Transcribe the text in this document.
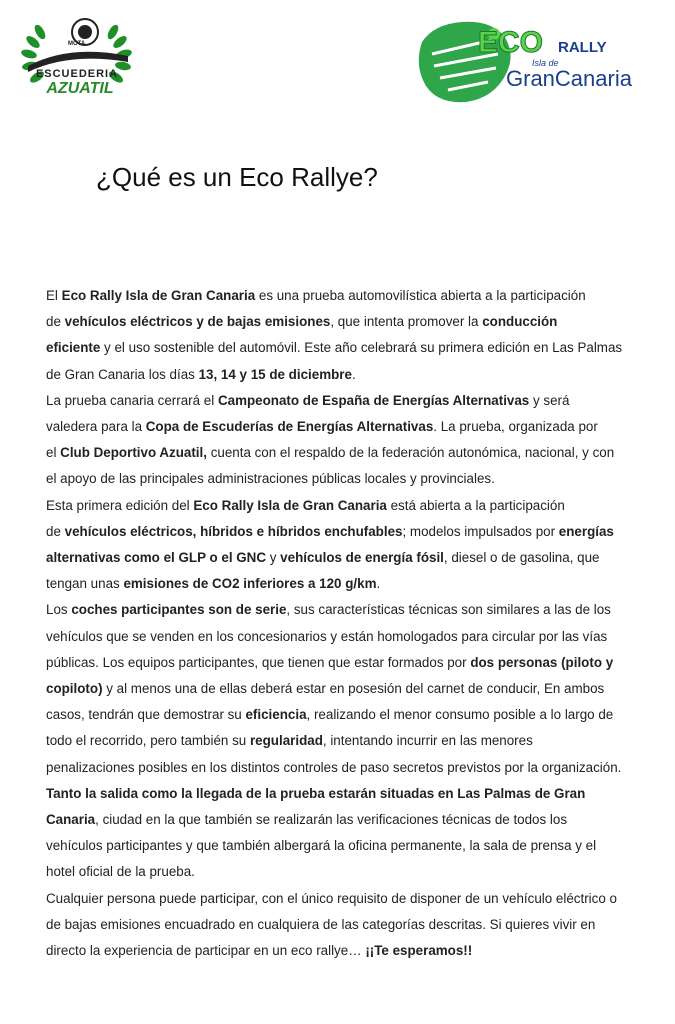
ESCUEDERIA
AZUATIL
MOTA	ECO RALLY
Isla de
GranCanaria
¿Qué es un Eco Rallye?
El Eco Rally Isla de Gran Canaria es una prueba automovilística abierta a la participación
de vehículos eléctricos y de bajas emisiones, que intenta promover la conducción
eficiente y el uso sostenible del automóvil. Este año celebrará su primera edición en Las Palmas
de Gran Canaria los días 13, 14 y 15 de diciembre.
La prueba canaria cerrará el Campeonato de España de Energías Alternativas y será
valedera para la Copa de Escuderías de Energías Alternativas. La prueba, organizada por
el Club Deportivo Azuatil, cuenta con el respaldo de la federación autonómica, nacional, y con
el apoyo de las principales administraciones públicas locales y provinciales.
Esta primera edición del Eco Rally Isla de Gran Canaria está abierta a la participación
de vehículos eléctricos, híbridos e híbridos enchufables; modelos impulsados por energías
alternativas como el GLP o el GNC y vehículos de energía fósil, diesel o de gasolina, que
tengan unas emisiones de CO2 inferiores a 120 g/km.
Los coches participantes son de serie, sus características técnicas son similares a las de los
vehículos que se venden en los concesionarios y están homologados para circular por las vías
públicas. Los equipos participantes, que tienen que estar formados por dos personas (piloto y
copiloto) y al menos una de ellas deberá estar en posesión del carnet de conducir, En ambos
casos, tendrán que demostrar su eficiencia, realizando el menor consumo posible a lo largo de
todo el recorrido, pero también su regularidad, intentando incurrir en las menores
penalizaciones posibles en los distintos controles de paso secretos previstos por la organización.
Tanto la salida como la llegada de la prueba estarán situadas en Las Palmas de Gran
Canaria, ciudad en la que también se realizarán las verificaciones técnicas de todos los
vehículos participantes y que también albergará la oficina permanente, la sala de prensa y el
hotel oficial de la prueba.
Cualquier persona puede participar, con el único requisito de disponer de un vehículo eléctrico o
de bajas emisiones encuadrado en cualquiera de las categorías descritas. Si quieres vivir en
directo la experiencia de participar en un eco rallye… ¡¡Te esperamos!!
